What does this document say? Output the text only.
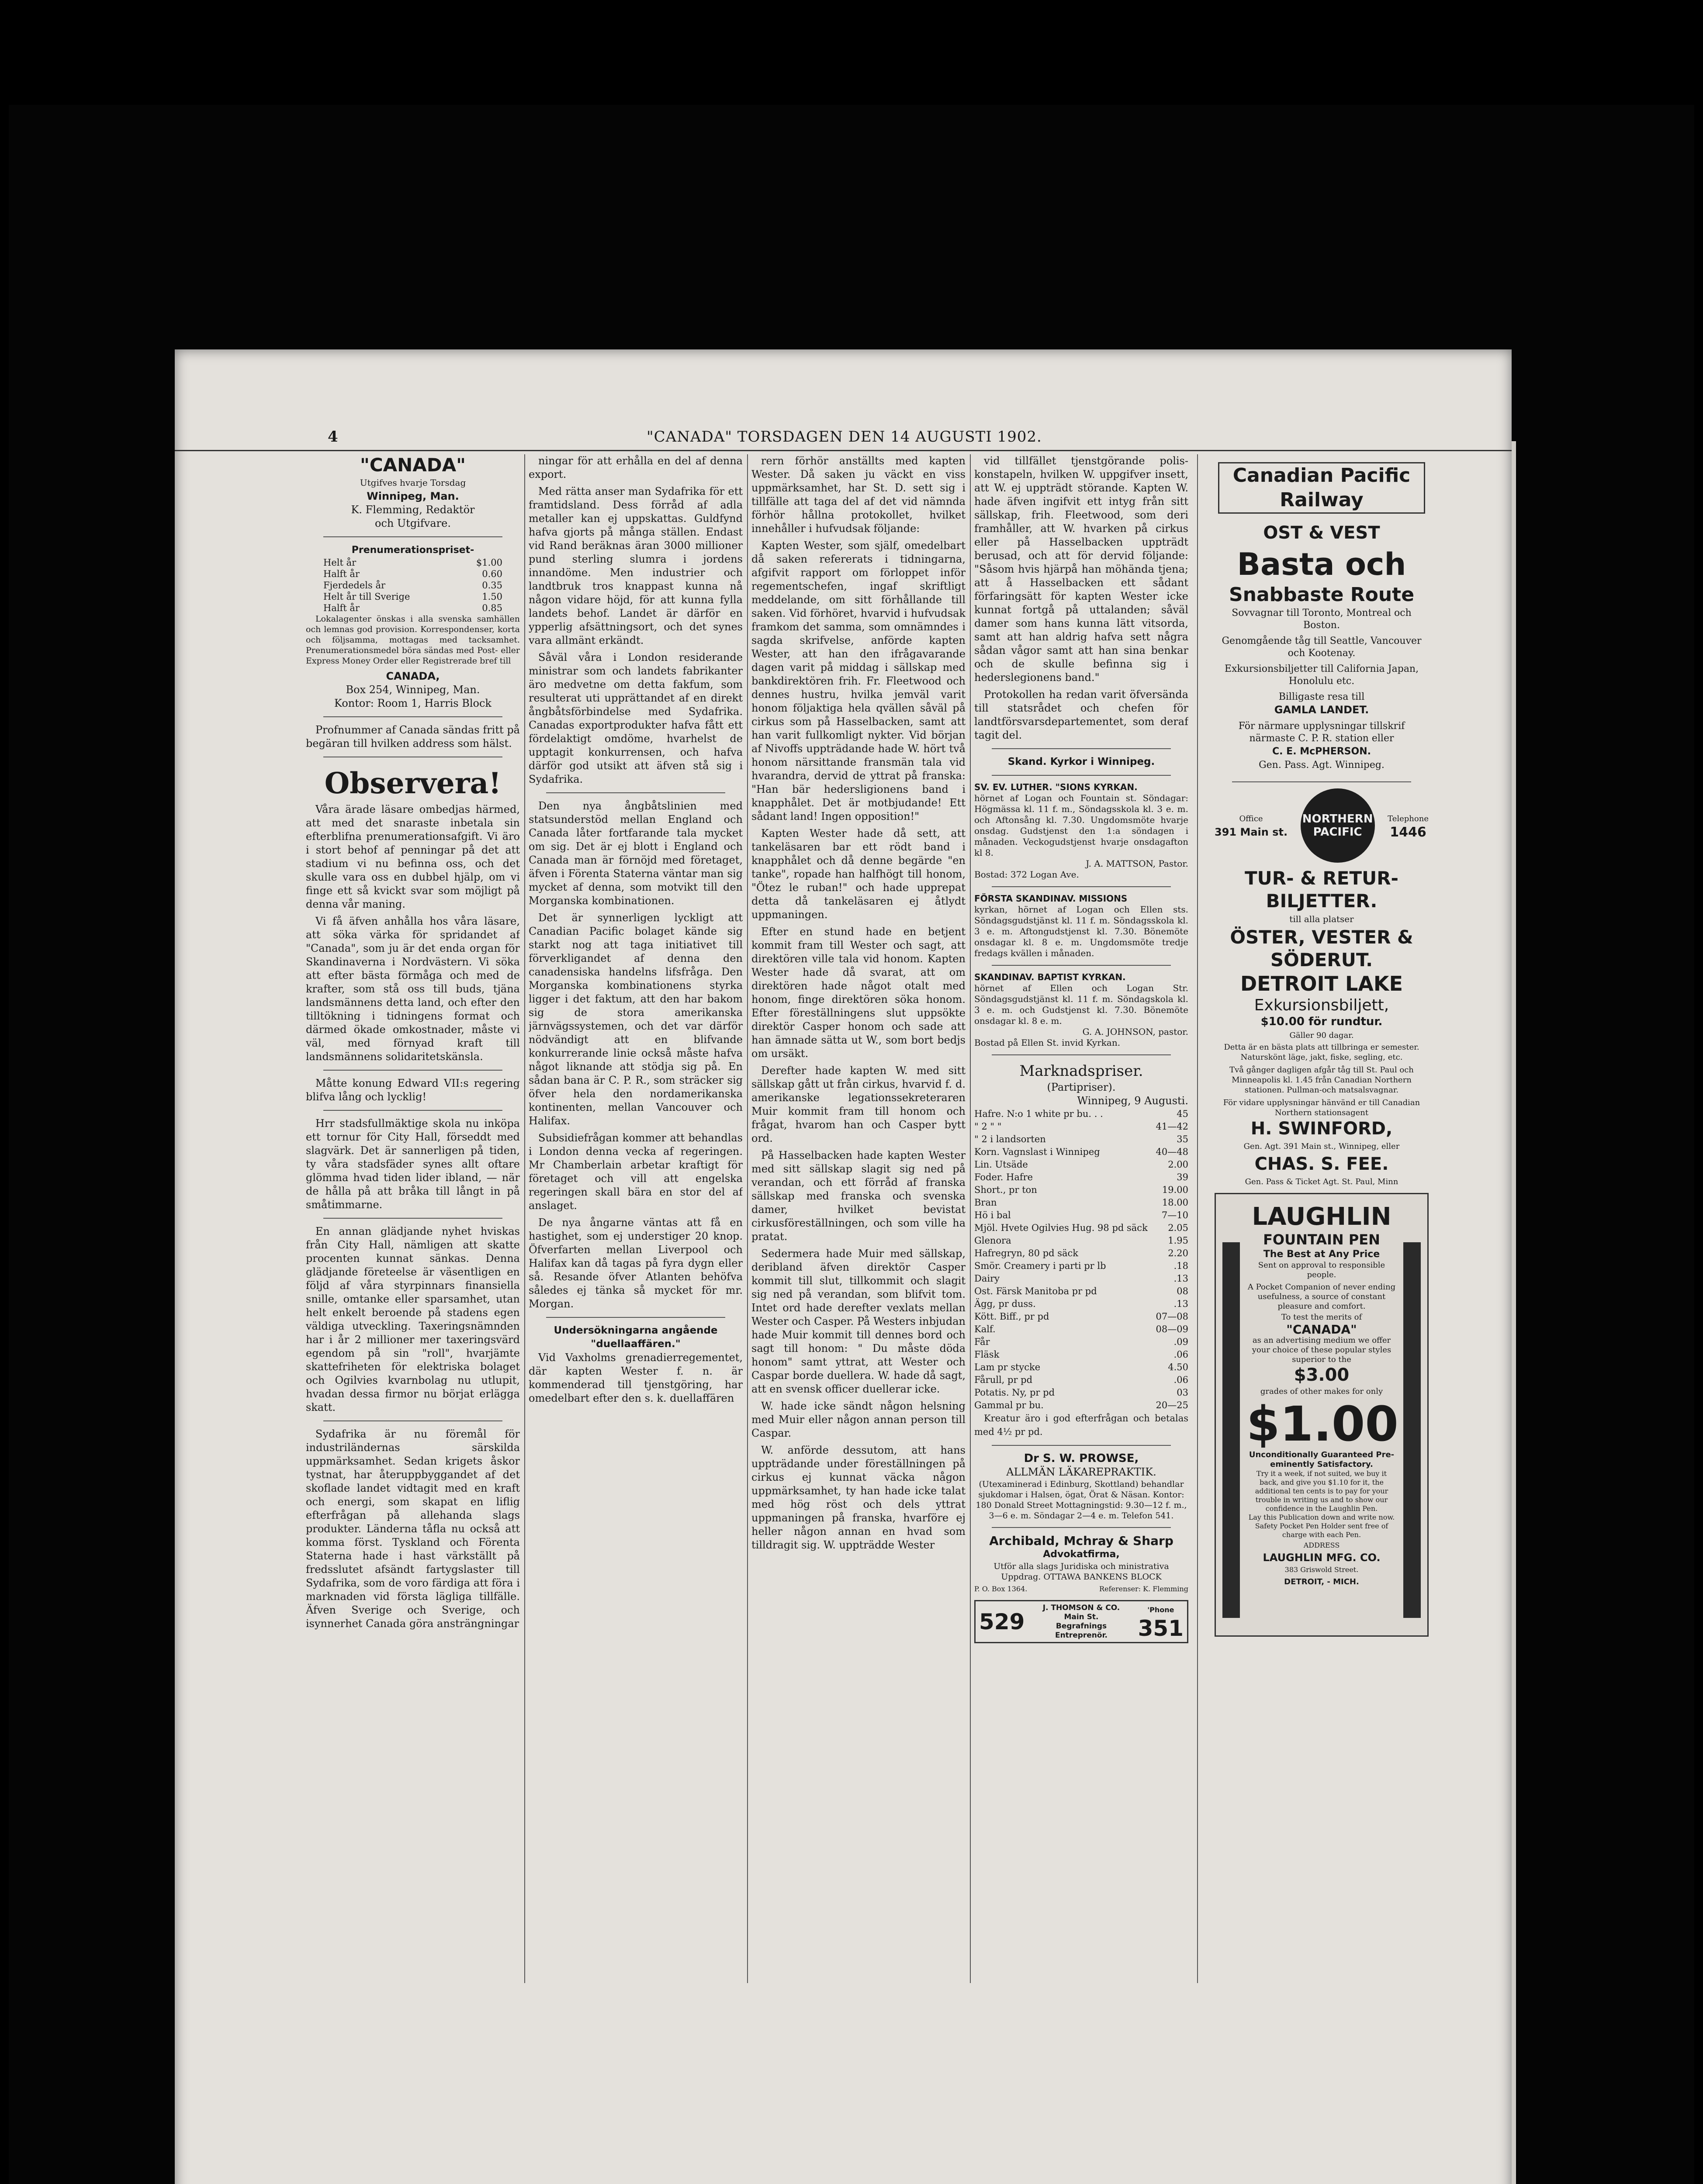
4	"CANADA" TORSDAGEN DEN 14 AUGUSTI 1902.
"CANADA"
Utgifves hvarje Torsdag
Winnipeg, Man.
K. Flemming, Redaktör
och Utgifvare.
Prenumerationspriset-
Helt år	$1.00
Halft år	0.60
Fjerdedels år	0.35
Helt år till Sverige	1.50
Halft år	0.85

Lokalagenter önskas i alla svenska samhällen och lemnas god provision. Korrespondenser, korta och följsamma, mottagas med tacksamhet. Prenumerationsmedel böra sändas med Post- eller Express Money Order eller Registrerade bref till

CANADA,
Box 254, Winnipeg, Man.
Kontor: Room 1, Harris Block

Profnummer af Canada sändas fritt på begäran till hvilken address som hälst.

Observera!

Våra ärade läsare ombedjas härmed, att med det snaraste inbetala sin efterblifna prenumerationsafgift. Vi äro i stort behof af penningar på det att stadium vi nu befinna oss, och det skulle vara oss en dubbel hjälp, om vi finge ett så kvickt svar som möjligt på denna vår maning.

Vi få äfven anhålla hos våra läsare, att söka värka för spridandet af "Canada", som ju är det enda organ för Skandinaverna i Nordvästern. Vi söka att efter bästa förmåga och med de krafter, som stå oss till buds, tjäna landsmännens detta land, och efter den tilltökning i tidningens format och därmed ökade omkostnader, måste vi väl, med förnyad kraft till landsmännens solidaritetskänsla.

Måtte konung Edward VII:s regering blifva lång och lycklig!

Hrr stadsfullmäktige skola nu inköpa ett tornur för City Hall, förseddt med slagvärk. Det är sannerligen på tiden, ty våra stadsfäder synes allt oftare glömma hvad tiden lider ibland, — när de hålla på att bråka till långt in på småtimmarne.

En annan glädjande nyhet hviskas från City Hall, nämligen att skatte procenten kunnat sänkas. Denna glädjande företeelse är väsentligen en följd af våra styrpinnars finansiella snille, omtanke eller sparsamhet, utan helt enkelt beroende på stadens egen väldiga utveckling. Taxeringsnämnden har i år 2 millioner mer taxeringsvärd egendom på sin "roll", hvarjämte skattefriheten för elektriska bolaget och Ogilvies kvarnbolag nu utlupit, hvadan dessa firmor nu börjat erlägga skatt.

Sydafrika är nu föremål för industriländernas särskilda uppmärksamhet. Sedan krigets åskor tystnat, har återuppbyggandet af det skoflade landet vidtagit med en kraft och energi, som skapat en liflig efterfrågan på allehanda slags produkter. Länderna tåfla nu också att komma först. Tyskland och Förenta Staterna hade i hast värkställt på fredsslutet afsändt fartygslaster till Sydafrika, som de voro färdiga att föra i marknaden vid första lägliga tillfälle. Äfven Sverige och Sverige, och isynnerhet Canada göra ansträngningar

ningar för att erhålla en del af denna export.

Med rätta anser man Sydafrika för ett framtidsland. Dess förråd af adla metaller kan ej uppskattas. Guldfynd hafva gjorts på många ställen. Endast vid Rand beräknas äran 3000 millioner pund sterling slumra i jordens innandöme. Men industrier och landtbruk tros knappast kunna nå någon vidare höjd, för att kunna fylla landets behof. Landet är därför en ypperlig afsättningsort, och det synes vara allmänt erkändt.

Såväl våra i London residerande ministrar som och landets fabrikanter äro medvetne om detta fakfum, som resulterat uti upprättandet af en direkt ångbåtsförbindelse med Sydafrika. Canadas exportprodukter hafva fått ett fördelaktigt omdöme, hvarhelst de upptagit konkurrensen, och hafva därför god utsikt att äfven stå sig i Sydafrika.

Den nya ångbåtslinien med statsunderstöd mellan England och Canada låter fortfarande tala mycket om sig. Det är ej blott i England och Canada man är förnöjd med företaget, äfven i Förenta Staterna väntar man sig mycket af denna, som motvikt till den Morganska kombinationen.

Det är synnerligen lyckligt att Canadian Pacific bolaget kände sig starkt nog att taga initiativet till förverkligandet af denna den canadensiska handelns lifsfråga. Den Morganska kombinationens styrka ligger i det faktum, att den har bakom sig de stora amerikanska järnvägssystemen, och det var därför nödvändigt att en blifvande konkurrerande linie också måste hafva något liknande att stödja sig på. En sådan bana är C. P. R., som sträcker sig öfver hela den nordamerikanska kontinenten, mellan Vancouver och Halifax.

Subsidiefrågan kommer att behandlas i London denna vecka af regeringen. Mr Chamberlain arbetar kraftigt för företaget och vill att engelska regeringen skall bära en stor del af anslaget.

De nya ångarne väntas att få en hastighet, som ej understiger 20 knop. Öfverfarten mellan Liverpool och Halifax kan då tagas på fyra dygn eller så. Resande öfver Atlanten behöfva således ej tänka så mycket för mr. Morgan.

Undersökningarna angående
"duellaaffären."

Vid Vaxholms grenadierregementet, där kapten Wester f. n. är kommenderad till tjenstgöring, har omedelbart efter den s. k. duellaffären

rern förhör anställts med kapten Wester. Då saken ju väckt en viss uppmärksamhet, har St. D. sett sig i tillfälle att taga del af det vid nämnda förhör hållna protokollet, hvilket innehåller i hufvudsak följande:

Kapten Wester, som själf, omedelbart då saken refererats i tidningarna, afgifvit rapport om förloppet inför regementschefen, ingaf skriftligt meddelande, om sitt förhållande till saken. Vid förhöret, hvarvid i hufvudsak framkom det samma, som omnämndes i sagda skrifvelse, anförde kapten Wester, att han den ifrågavarande dagen varit på middag i sällskap med bankdirektören frih. Fr. Fleetwood och dennes hustru, hvilka jemväl varit honom följaktiga hela qvällen såväl på cirkus som på Hasselbacken, samt att han varit fullkomligt nykter. Vid början af Nivoffs uppträdande hade W. hört två honom närsittande fransmän tala vid hvarandra, dervid de yttrat på franska: "Han bär hedersligionens band i knapphålet. Det är motbjudande! Ett sådant land! Ingen opposition!"

Kapten Wester hade då sett, att tankeläsaren bar ett rödt band i knapphålet och då denne begärde "en tanke", ropade han halfhögt till honom, "Ötez le ruban!" och hade upprepat detta då tankeläsaren ej åtlydt uppmaningen.

Efter en stund hade en betjent kommit fram till Wester och sagt, att direktören ville tala vid honom. Kapten Wester hade då svarat, att om direktören hade något otalt med honom, finge direktören söka honom. Efter föreställningens slut uppsökte direktör Casper honom och sade att han ämnade sätta ut W., som bort bedjs om ursäkt.

Derefter hade kapten W. med sitt sällskap gått ut från cirkus, hvarvid f. d. amerikanske legationssekreteraren Muir kommit fram till honom och frågat, hvarom han och Casper bytt ord.

På Hasselbacken hade kapten Wester med sitt sällskap slagit sig ned på verandan, och ett förråd af franska sällskap med franska och svenska damer, hvilket bevistat cirkusföreställningen, och som ville ha pratat.

Sedermera hade Muir med sällskap, deribland äfven direktör Casper kommit till slut, tillkommit och slagit sig ned på verandan, som blifvit tom. Intet ord hade derefter vexlats mellan Wester och Casper. På Westers inbjudan hade Muir kommit till dennes bord och sagt till honom: " Du måste döda honom" samt yttrat, att Wester och Caspar borde duellera. W. hade då sagt, att en svensk officer duellerar icke.

W. hade icke sändt någon helsning med Muir eller någon annan person till Caspar.

W. anförde dessutom, att hans uppträdande under föreställningen på cirkus ej kunnat väcka någon uppmärksamhet, ty han hade icke talat med hög röst och dels yttrat uppmaningen på franska, hvarföre ej heller någon annan en hvad som tilldragit sig. W. uppträdde Wester

vid tillfället tjenstgörande polis-konstapeln, hvilken W. uppgifver insett, att W. ej uppträdt störande. Kapten W. hade äfven ingifvit ett intyg från sitt sällskap, frih. Fleetwood, som deri framhåller, att W. hvarken på cirkus eller på Hasselbacken uppträdt berusad, och att för dervid följande: "Såsom hvis hjärpå han möhända tjena; att å Hasselbacken ett sådant förfaringsätt för kapten Wester icke kunnat fortgå på uttalanden; såväl damer som hans kunna lätt vitsorda, samt att han aldrig hafva sett några sådan vågor samt att han sina benkar och de skulle befinna sig i hederslegionens band."

Protokollen ha redan varit öfversända till statsrådet och chefen för landtförsvarsdepartementet, som deraf tagit del.

Skand. Kyrkor i Winnipeg.
SV. EV. LUTHER. "SIONS KYRKAN.
hörnet af Logan och Fountain st. Söndagar: Högmässa kl. 11 f. m., Söndagsskola kl. 3 e. m. och Aftonsång kl. 7.30. Ungdomsmöte hvarje onsdag. Gudstjenst den 1:a söndagen i månaden. Veckogudstjenst hvarje onsdagafton kl 8.
J. A. MATTSON, Pastor.
Bostad: 372 Logan Ave.
FÖRSTA SKANDINAV. MISSIONS
kyrkan, hörnet af Logan och Ellen sts. Söndagsgudstjänst kl. 11 f. m. Söndagsskola kl. 3 e. m. Aftongudstjenst kl. 7.30. Bönemöte onsdagar kl. 8 e. m. Ungdomsmöte tredje fredags kvällen i månaden.
SKANDINAV. BAPTIST KYRKAN.
hörnet af Ellen och Logan Str. Söndagsgudstjänst kl. 11 f. m. Söndagskola kl. 3 e. m. och Gudstjenst kl. 7.30. Bönemöte onsdagar kl. 8 e. m.
G. A. JOHNSON, pastor.
Bostad på Ellen St. invid Kyrkan.
Marknadspriser.
(Partipriser).
Winnipeg, 9 Augusti.
Hafre. N:o 1 white pr bu. . .	45
" 2 " "	41—42
" 2 i landsorten	35
Korn. Vagnslast i Winnipeg	40—48
Lin. Utsäde	2.00
Foder. Hafre	39
Short., pr ton	19.00
Bran	18.00
Hö i bal	7—10
Mjöl. Hvete Ogilvies Hug. 98 pd säck 2.05
Glenora	1.95
Hafregryn, 80 pd säck	2.20
Smör. Creamery i parti pr lb	.18
Dairy	.13
Ost. Färsk Manitoba pr pd	08
Ägg, pr duss.	.13
Kött. Biff., pr pd	07—08
Kalf.	08—09
Får	.09
Fläsk	.06
Lam pr stycke	4.50
Fårull, pr pd	.06
Potatis. Ny, pr pd	03
Gammal pr bu.	20—25

Kreatur äro i god efterfrågan och betalas med 4½ pr pd.

Dr S. W. PROWSE,
ALLMÄN LÄKAREPRAKTIK.
(Utexaminerad i Edinburg, Skottland) behandlar sjukdomar i Halsen, ögat, Örat & Näsan. Kontor: 180 Donald Street Mottagningstid: 9.30—12 f. m., 3—6 e. m. Söndagar 2—4 e. m. Telefon 541.
Archibald, Mchray & Sharp
Advokatfirma,
Utför alla slags Juridiska och ministrativa Uppdrag. OTTAWA BANKENS BLOCK
P. O. Box 1364.	Referenser: K. Flemming
529
J. THOMSON & CO.
Main St.
Begrafnings
Entreprenör.
'Phone
351
Canadian Pacific Railway
OST & VEST
Basta och
Snabbaste Route
Sovvagnar till Toronto, Montreal och Boston.
Genomgående tåg till Seattle, Vancouver och Kootenay.
Exkursionsbiljetter till California Japan, Honolulu etc.
Billigaste resa till
GAMLA LANDET.
För närmare upplysningar tillskrif närmaste C. P. R. station eller
C. E. McPHERSON.
Gen. Pass. Agt. Winnipeg.
Office
391 Main st.
NORTHERN PACIFIC
Telephone
1446
TUR- & RETUR-BILJETTER.
till alla platser
ÖSTER, VESTER & SÖDERUT.
DETROIT LAKE
Exkursionsbiljett,
$10.00 för rundtur.
Gäller 90 dagar.
Detta är en bästa plats att tillbringa er semester. Naturskönt läge, jakt, fiske, segling, etc.
Två gånger dagligen afgår tåg till St. Paul och Minneapolis kl. 1.45 från Canadian Northern stationen. Pullman-och matsalsvagnar.
För vidare upplysningar hänvänd er till Canadian Northern stationsagent
H. SWINFORD,
Gen. Agt. 391 Main st., Winnipeg, eller
CHAS. S. FEE.
Gen. Pass & Ticket Agt. St. Paul, Minn
LAUGHLIN
FOUNTAIN PEN
The Best at Any Price
Sent on approval to responsible people.
A Pocket Companion of never ending usefulness, a source of constant pleasure and comfort.
To test the merits of
"CANADA"
as an advertising medium we offer your choice of these popular styles superior to the
$3.00
grades of other makes for only
$1.00
Unconditionally Guaranteed Pre-eminently Satisfactory.
Try it a week, if not suited, we buy it back, and give you $1.10 for it, the additional ten cents is to pay for your trouble in writing us and to show our confidence in the Laughlin Pen.
Lay this Publication down and write now.
Safety Pocket Pen Holder sent free of charge with each Pen.
ADDRESS
LAUGHLIN MFG. CO.
383 Griswold Street.
DETROIT, - MICH.
